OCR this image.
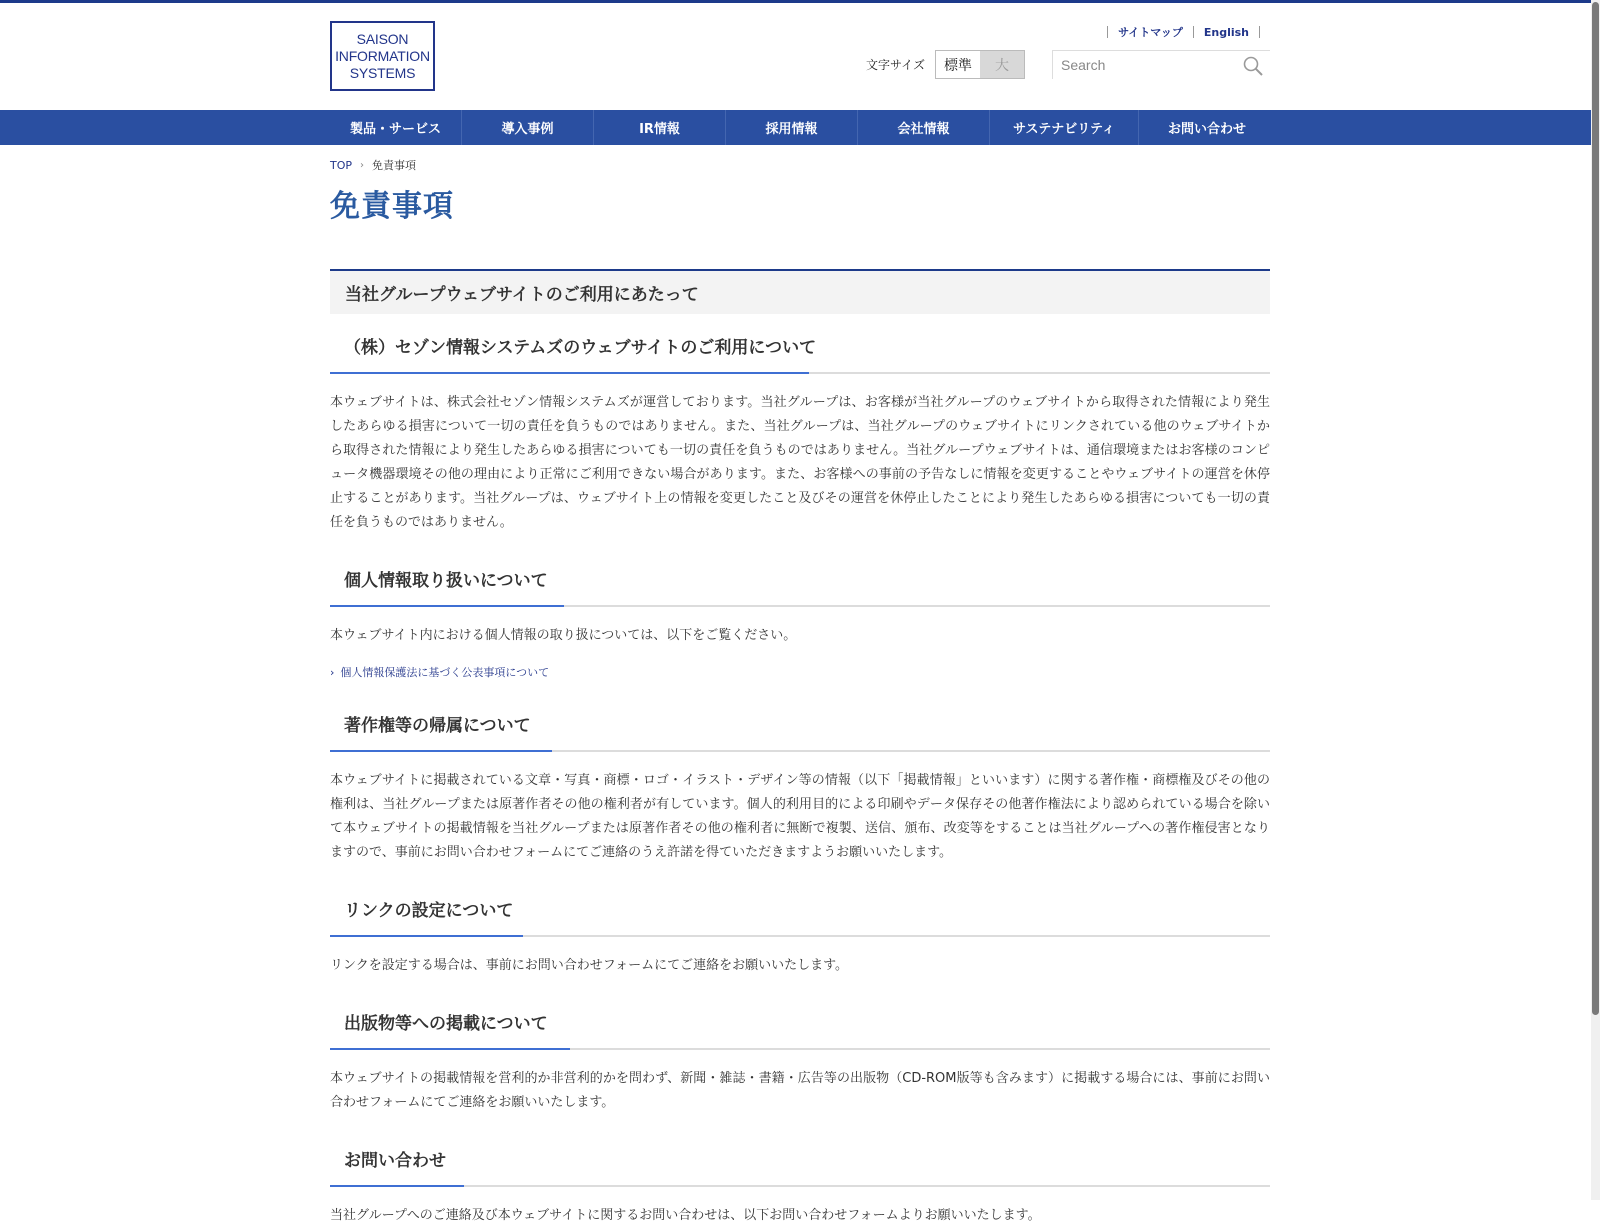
SAISON
INFORMATION
SYSTEMS
サイトマップ English
文字サイズ	標準	大
Search
製品・サービス	導入事例	IR情報	採用情報	会社情報	サステナビリティ	お問い合わせ
TOP › 免責事項
免責事項
当社グループウェブサイトのご利用にあたって
（株）セゾン情報システムズのウェブサイトのご利用について

本ウェブサイトは、株式会社セゾン情報システムズが運営しております。当社グループは、お客様が当社グループのウェブサイトから取得された情報により発生したあらゆる損害について一切の責任を負うものではありません。また、当社グループは、当社グループのウェブサイトにリンクされている他のウェブサイトから取得された情報により発生したあらゆる損害についても一切の責任を負うものではありません。当社グループウェブサイトは、通信環境またはお客様のコンピュータ機器環境その他の理由により正常にご利用できない場合があります。また、お客様への事前の予告なしに情報を変更することやウェブサイトの運営を休停止することがあります。当社グループは、ウェブサイト上の情報を変更したこと及びその運営を休停止したことにより発生したあらゆる損害についても一切の責任を負うものではありません。

個人情報取り扱いについて

本ウェブサイト内における個人情報の取り扱については、以下をご覧ください。

› 個人情報保護法に基づく公表事項について
著作権等の帰属について

本ウェブサイトに掲載されている文章・写真・商標・ロゴ・イラスト・デザイン等の情報（以下「掲載情報」といいます）に関する著作権・商標権及びその他の権利は、当社グループまたは原著作者その他の権利者が有しています。個人的利用目的による印刷やデータ保存その他著作権法により認められている場合を除いて本ウェブサイトの掲載情報を当社グループまたは原著作者その他の権利者に無断で複製、送信、頒布、改変等をすることは当社グループへの著作権侵害となりますので、事前にお問い合わせフォームにてご連絡のうえ許諾を得ていただきますようお願いいたします。

リンクの設定について

リンクを設定する場合は、事前にお問い合わせフォームにてご連絡をお願いいたします。

出版物等への掲載について

本ウェブサイトの掲載情報を営利的か非営利的かを問わず、新聞・雑誌・書籍・広告等の出版物（CD-ROM版等も含みます）に掲載する場合には、事前にお問い合わせフォームにてご連絡をお願いいたします。

お問い合わせ

当社グループへのご連絡及び本ウェブサイトに関するお問い合わせは、以下お問い合わせフォームよりお願いいたします。
